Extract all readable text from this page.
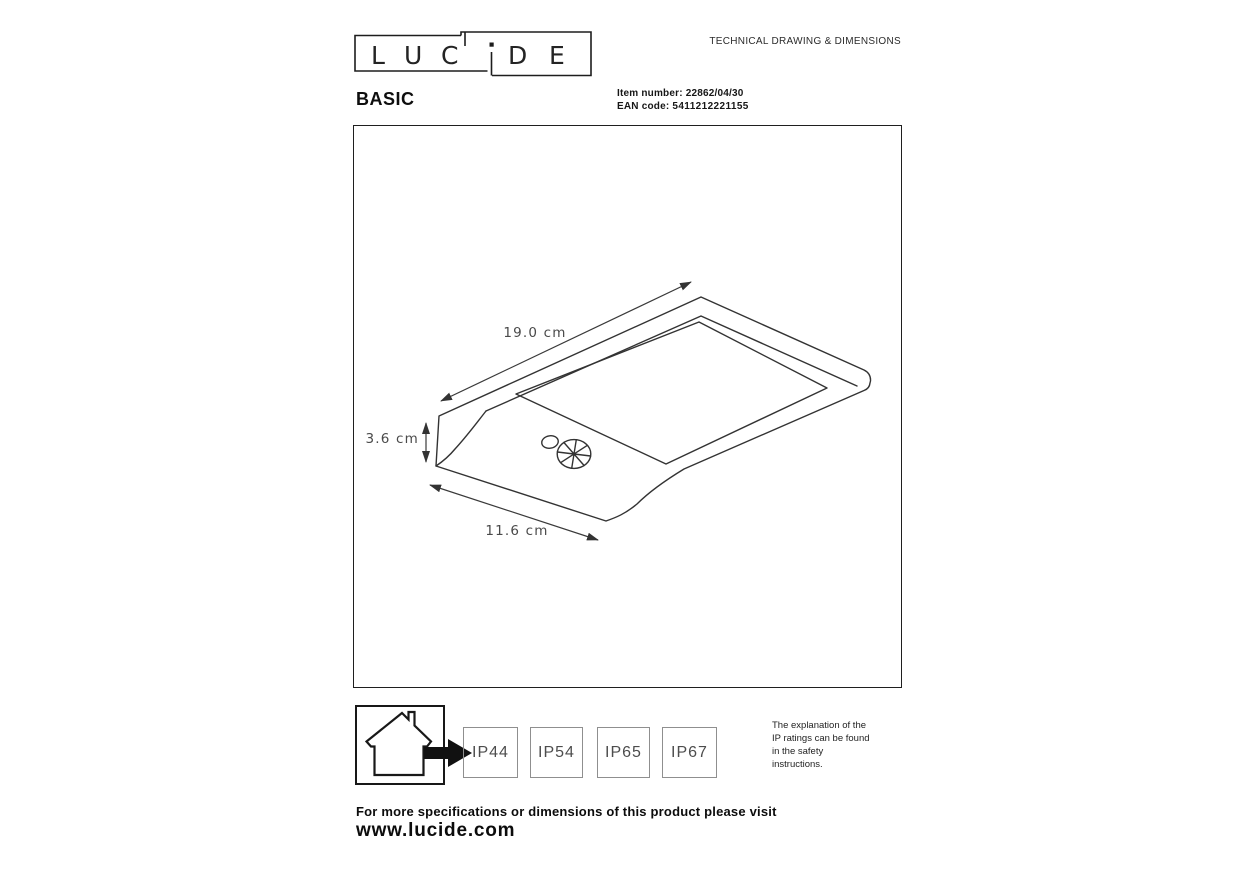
L U C D E	TECHNICAL DRAWING & DIMENSIONS
BASIC	Item number: 22862/04/30
EAN code: 5411212221155
19.0 cm
3.6 cm
11.6 cm
IP44	IP54	IP65	IP67
The explanation of the
IP ratings can be found
in the safety
instructions.
For more specifications or dimensions of this product please visit
www.lucide.com
